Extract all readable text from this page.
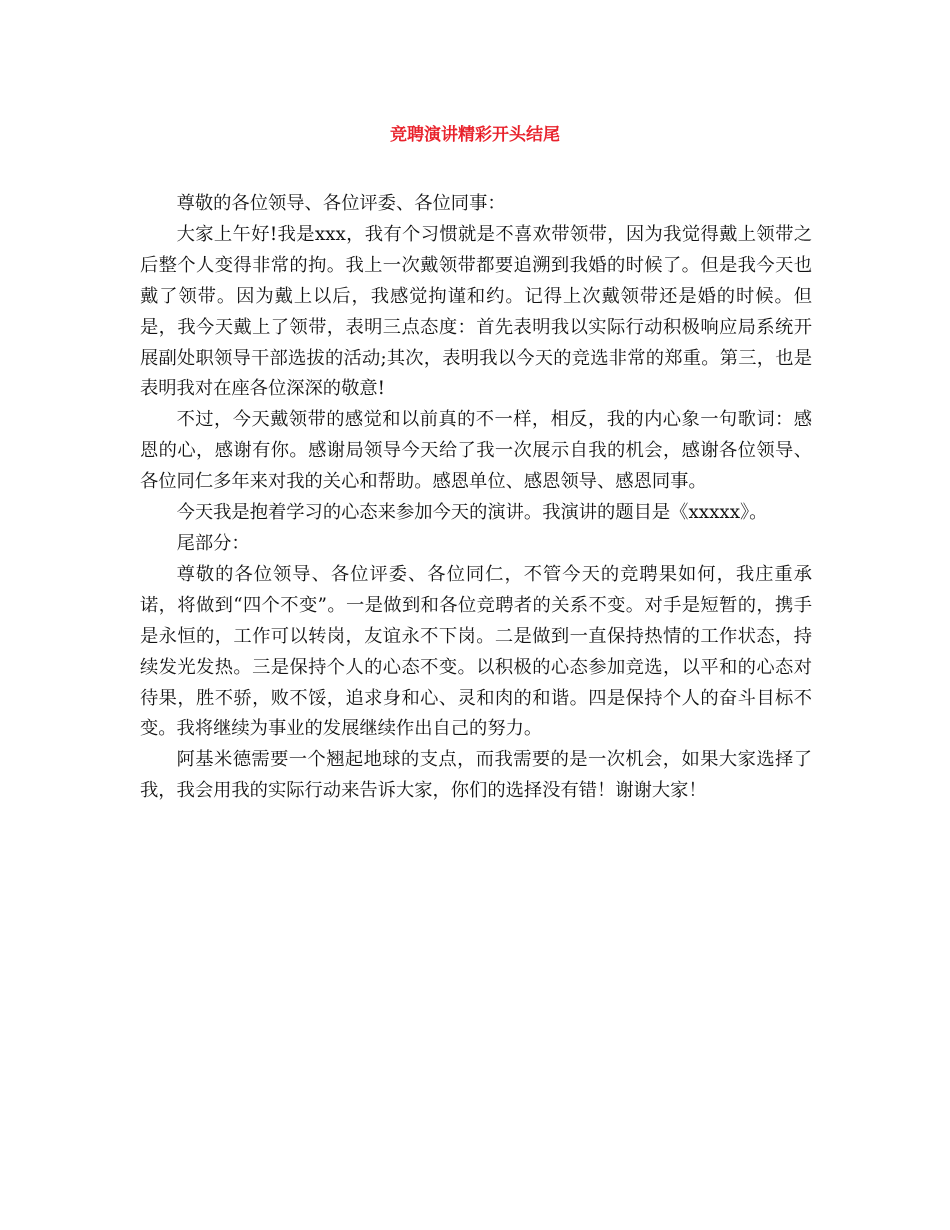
竞聘演讲精彩开头结尾

尊敬的各位领导、各位评委、各位同事：

大家上午好!我是xxx，我有个习惯就是不喜欢带领带，因为我觉得戴上领带之后整个人变得非常的拘。我上一次戴领带都要追溯到我婚的时候了。但是我今天也戴了领带。因为戴上以后，我感觉拘谨和约。记得上次戴领带还是婚的时候。但是，我今天戴上了领带，表明三点态度：首先表明我以实际行动积极响应局系统开展副处职领导干部选拔的活动;其次，表明我以今天的竞选非常的郑重。第三，也是表明我对在座各位深深的敬意!

不过，今天戴领带的感觉和以前真的不一样，相反，我的内心象一句歌词：感恩的心，感谢有你。感谢局领导今天给了我一次展示自我的机会，感谢各位领导、各位同仁多年来对我的关心和帮助。感恩单位、感恩领导、感恩同事。

今天我是抱着学习的心态来参加今天的演讲。我演讲的题目是《xxxxx》。

尾部分：

尊敬的各位领导、各位评委、各位同仁，不管今天的竞聘果如何，我庄重承诺，将做到“四个不变”。一是做到和各位竞聘者的关系不变。对手是短暂的，携手是永恒的，工作可以转岗，友谊永不下岗。二是做到一直保持热情的工作状态，持续发光发热。三是保持个人的心态不变。以积极的心态参加竞选，以平和的心态对待果，胜不骄，败不馁，追求身和心、灵和肉的和谐。四是保持个人的奋斗目标不变。我将继续为事业的发展继续作出自己的努力。

阿基米德需要一个翘起地球的支点，而我需要的是一次机会，如果大家选择了我，我会用我的实际行动来告诉大家，你们的选择没有错！谢谢大家！
